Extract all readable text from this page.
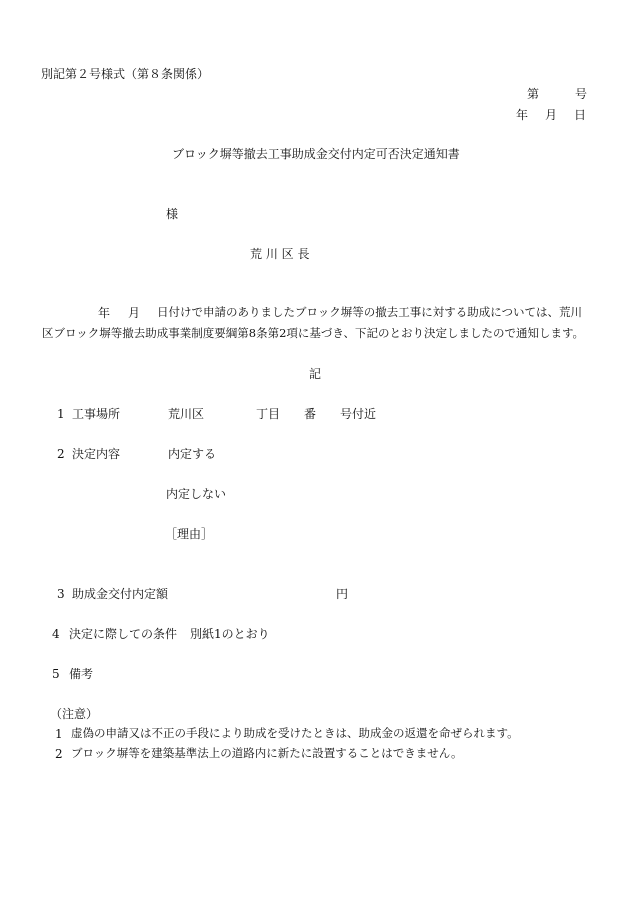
別記第２号様式（第８条関係）
第	号
年 月 日
ブロック塀等撤去工事助成金交付内定可否決定通知書
様
荒 川 区 長
年 月 日付けで申請のありましたブロック塀等の撤去工事に対する助成については、荒川
区ブロック塀等撤去助成事業制度要綱第8条第2項に基づき、下記のとおり決定しましたので通知します。
記
1 工事場所	荒川区	丁目 番 号付近
2 決定内容	内定する
内定しない
［理由］
3 助成金交付内定額	円
4 決定に際しての条件 別紙1のとおり
5 備考
（注意）
1 虚偽の申請又は不正の手段により助成を受けたときは、助成金の返還を命ぜられます。
2 ブロック塀等を建築基準法上の道路内に新たに設置することはできません。
